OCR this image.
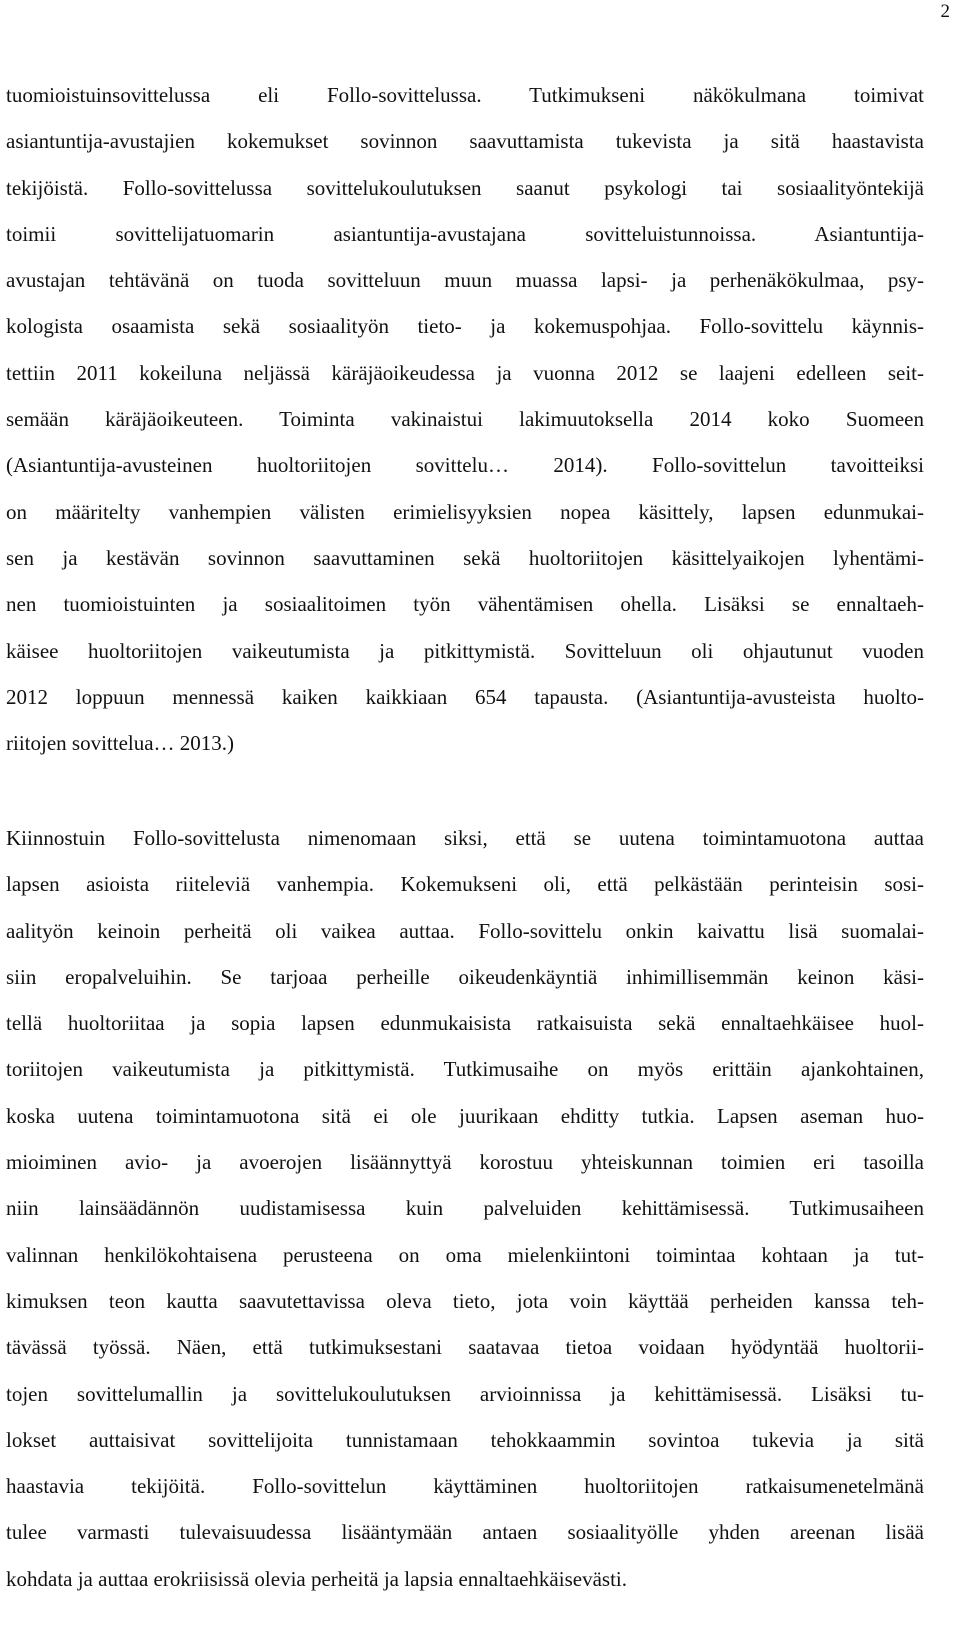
2
tuomioistuinsovittelussa eli Follo-sovittelussa. Tutkimukseni näkökulmana toimivat
asiantuntija-avustajien kokemukset sovinnon saavuttamista tukevista ja sitä haastavista
tekijöistä. Follo-sovittelussa sovittelukoulutuksen saanut psykologi tai sosiaalityöntekijä
toimii sovittelijatuomarin asiantuntija-avustajana sovitteluistunnoissa. Asiantuntija-
avustajan tehtävänä on tuoda sovitteluun muun muassa lapsi- ja perhenäkökulmaa, psy-
kologista osaamista sekä sosiaalityön tieto- ja kokemuspohjaa. Follo-sovittelu käynnis-
tettiin 2011 kokeiluna neljässä käräjäoikeudessa ja vuonna 2012 se laajeni edelleen seit-
semään käräjäoikeuteen. Toiminta vakinaistui lakimuutoksella 2014 koko Suomeen
(Asiantuntija-avusteinen huoltoriitojen sovittelu… 2014). Follo-sovittelun tavoitteiksi
on määritelty vanhempien välisten erimielisyyksien nopea käsittely, lapsen edunmukai-
sen ja kestävän sovinnon saavuttaminen sekä huoltoriitojen käsittelyaikojen lyhentämi-
nen tuomioistuinten ja sosiaalitoimen työn vähentämisen ohella. Lisäksi se ennaltaeh-
käisee huoltoriitojen vaikeutumista ja pitkittymistä. Sovitteluun oli ohjautunut vuoden
2012 loppuun mennessä kaiken kaikkiaan 654 tapausta. (Asiantuntija-avusteista huolto-
riitojen sovittelua… 2013.)
Kiinnostuin Follo-sovittelusta nimenomaan siksi, että se uutena toimintamuotona auttaa
lapsen asioista riiteleviä vanhempia. Kokemukseni oli, että pelkästään perinteisin sosi-
aalityön keinoin perheitä oli vaikea auttaa. Follo-sovittelu onkin kaivattu lisä suomalai-
siin eropalveluihin. Se tarjoaa perheille oikeudenkäyntiä inhimillisemmän keinon käsi-
tellä huoltoriitaa ja sopia lapsen edunmukaisista ratkaisuista sekä ennaltaehkäisee huol-
toriitojen vaikeutumista ja pitkittymistä. Tutkimusaihe on myös erittäin ajankohtainen,
koska uutena toimintamuotona sitä ei ole juurikaan ehditty tutkia. Lapsen aseman huo-
mioiminen avio- ja avoerojen lisäännyttyä korostuu yhteiskunnan toimien eri tasoilla
niin lainsäädännön uudistamisessa kuin palveluiden kehittämisessä. Tutkimusaiheen
valinnan henkilökohtaisena perusteena on oma mielenkiintoni toimintaa kohtaan ja tut-
kimuksen teon kautta saavutettavissa oleva tieto, jota voin käyttää perheiden kanssa teh-
tävässä työssä. Näen, että tutkimuksestani saatavaa tietoa voidaan hyödyntää huoltorii-
tojen sovittelumallin ja sovittelukoulutuksen arvioinnissa ja kehittämisessä. Lisäksi tu-
lokset auttaisivat sovittelijoita tunnistamaan tehokkaammin sovintoa tukevia ja sitä
haastavia tekijöitä. Follo-sovittelun käyttäminen huoltoriitojen ratkaisumenetelmänä
tulee varmasti tulevaisuudessa lisääntymään antaen sosiaalityölle yhden areenan lisää
kohdata ja auttaa erokriisissä olevia perheitä ja lapsia ennaltaehkäisevästi.
